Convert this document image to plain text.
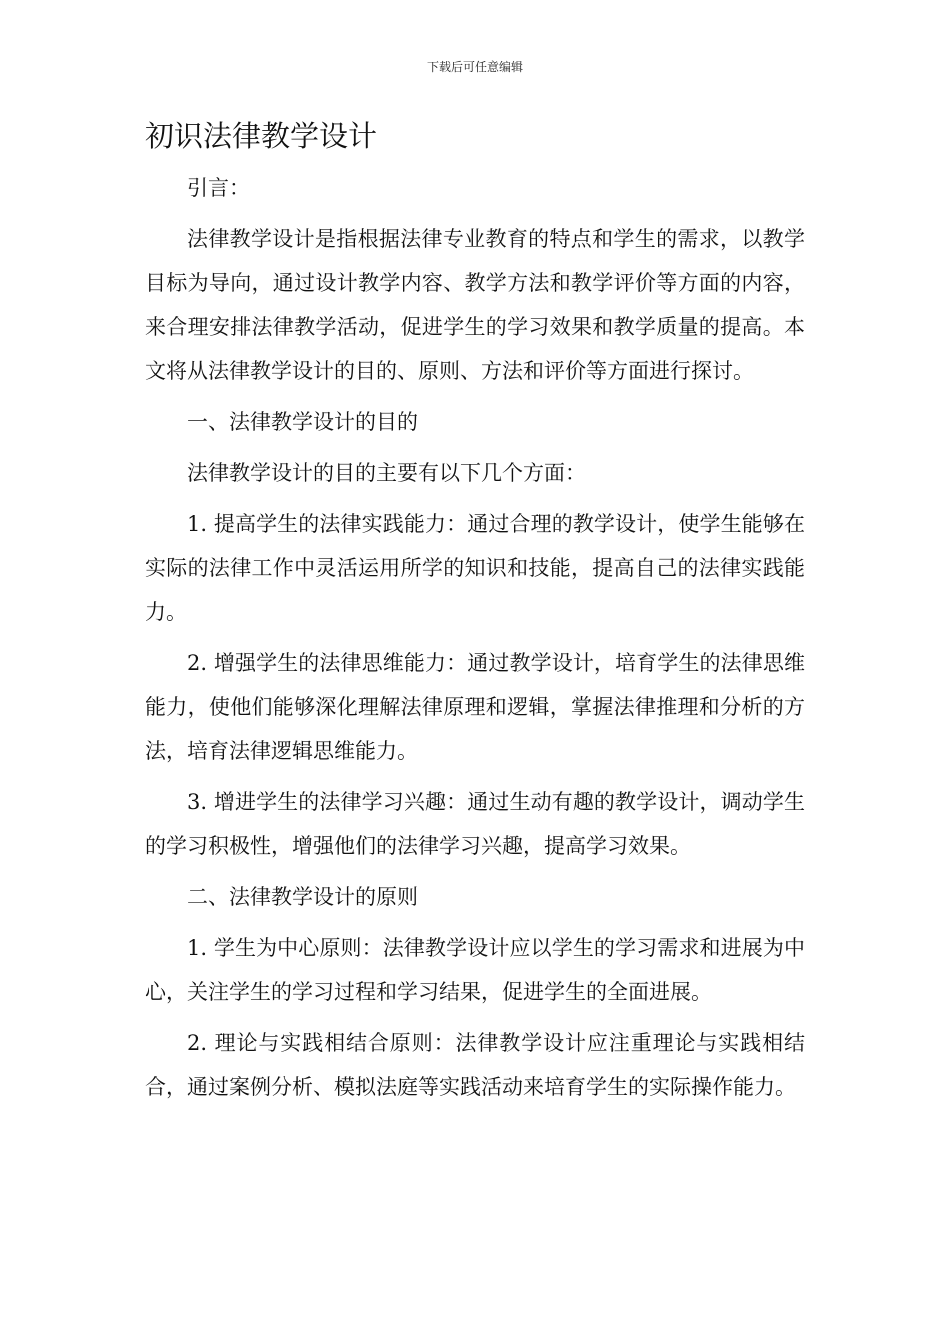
下载后可任意编辑
初识法律教学设计

引言：

法律教学设计是指根据法律专业教育的特点和学生的需求，以教学目标为导向，通过设计教学内容、教学方法和教学评价等方面的内容，来合理安排法律教学活动，促进学生的学习效果和教学质量的提高。本文将从法律教学设计的目的、原则、方法和评价等方面进行探讨。

一、法律教学设计的目的

法律教学设计的目的主要有以下几个方面：

1. 提高学生的法律实践能力：通过合理的教学设计，使学生能够在实际的法律工作中灵活运用所学的知识和技能，提高自己的法律实践能力。

2. 增强学生的法律思维能力：通过教学设计，培育学生的法律思维能力，使他们能够深化理解法律原理和逻辑，掌握法律推理和分析的方法，培育法律逻辑思维能力。

3. 增进学生的法律学习兴趣：通过生动有趣的教学设计，调动学生的学习积极性，增强他们的法律学习兴趣，提高学习效果。

二、法律教学设计的原则

1. 学生为中心原则：法律教学设计应以学生的学习需求和进展为中心，关注学生的学习过程和学习结果，促进学生的全面进展。

2. 理论与实践相结合原则：法律教学设计应注重理论与实践相结合，通过案例分析、模拟法庭等实践活动来培育学生的实际操作能力。
